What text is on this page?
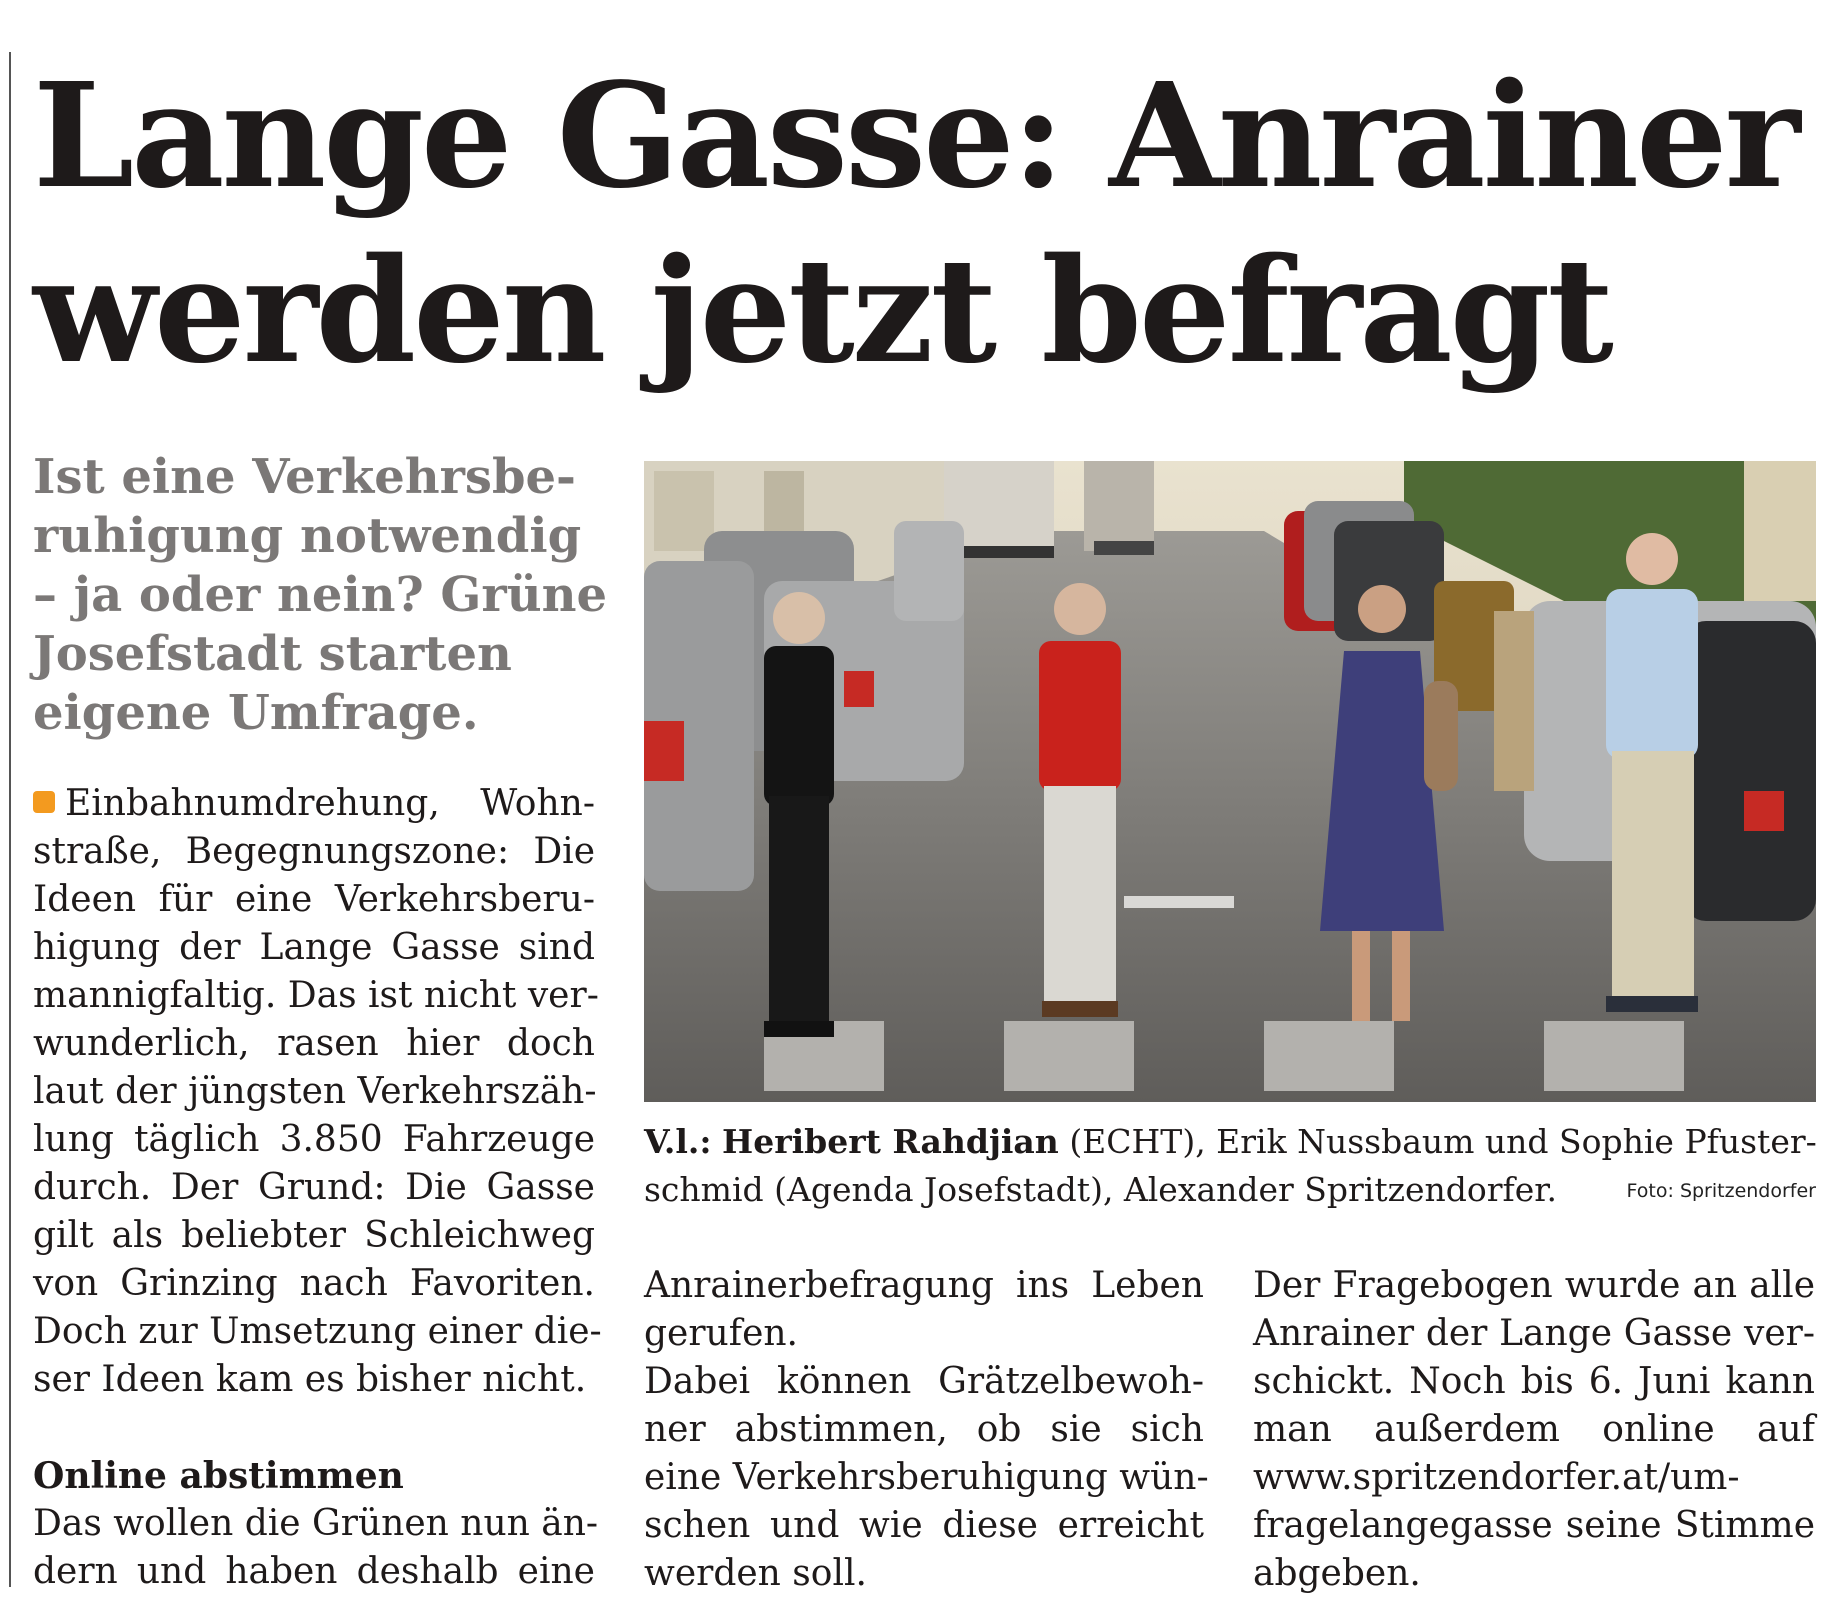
Lange Gasse: Anrainer
werden jetzt befragt
Ist eine Verkehrsbe-
ruhigung notwendig
– ja oder nein? Grüne
Josefstadt starten
eigene Umfrage.
Einbahnumdrehung, Wohn-
straße, Begegnungszone: Die
Ideen für eine Verkehrsberu-
higung der Lange Gasse sind
mannigfaltig. Das ist nicht ver-
wunderlich, rasen hier doch
laut der jüngsten Verkehrszäh-
lung täglich 3.850 Fahrzeuge
durch. Der Grund: Die Gasse
gilt als beliebter Schleichweg
von Grinzing nach Favoriten.
Doch zur Umsetzung einer die-
ser Ideen kam es bisher nicht.
Online abstimmen
Das wollen die Grünen nun än-
dern und haben deshalb eine
V.l.: Heribert Rahdjian (ECHT), Erik Nussbaum und Sophie Pfuster-
schmid (Agenda Josefstadt), Alexander Spritzendorfer.	Foto: Spritzendorfer
Anrainerbefragung ins Leben
gerufen.
Dabei können Grätzelbewoh-
ner abstimmen, ob sie sich
eine Verkehrsberuhigung wün-
schen und wie diese erreicht
werden soll.
Der Fragebogen wurde an alle
Anrainer der Lange Gasse ver-
schickt. Noch bis 6. Juni kann
man außerdem online auf
www.spritzendorfer.at/um-
fragelangegasse seine Stimme
abgeben.
